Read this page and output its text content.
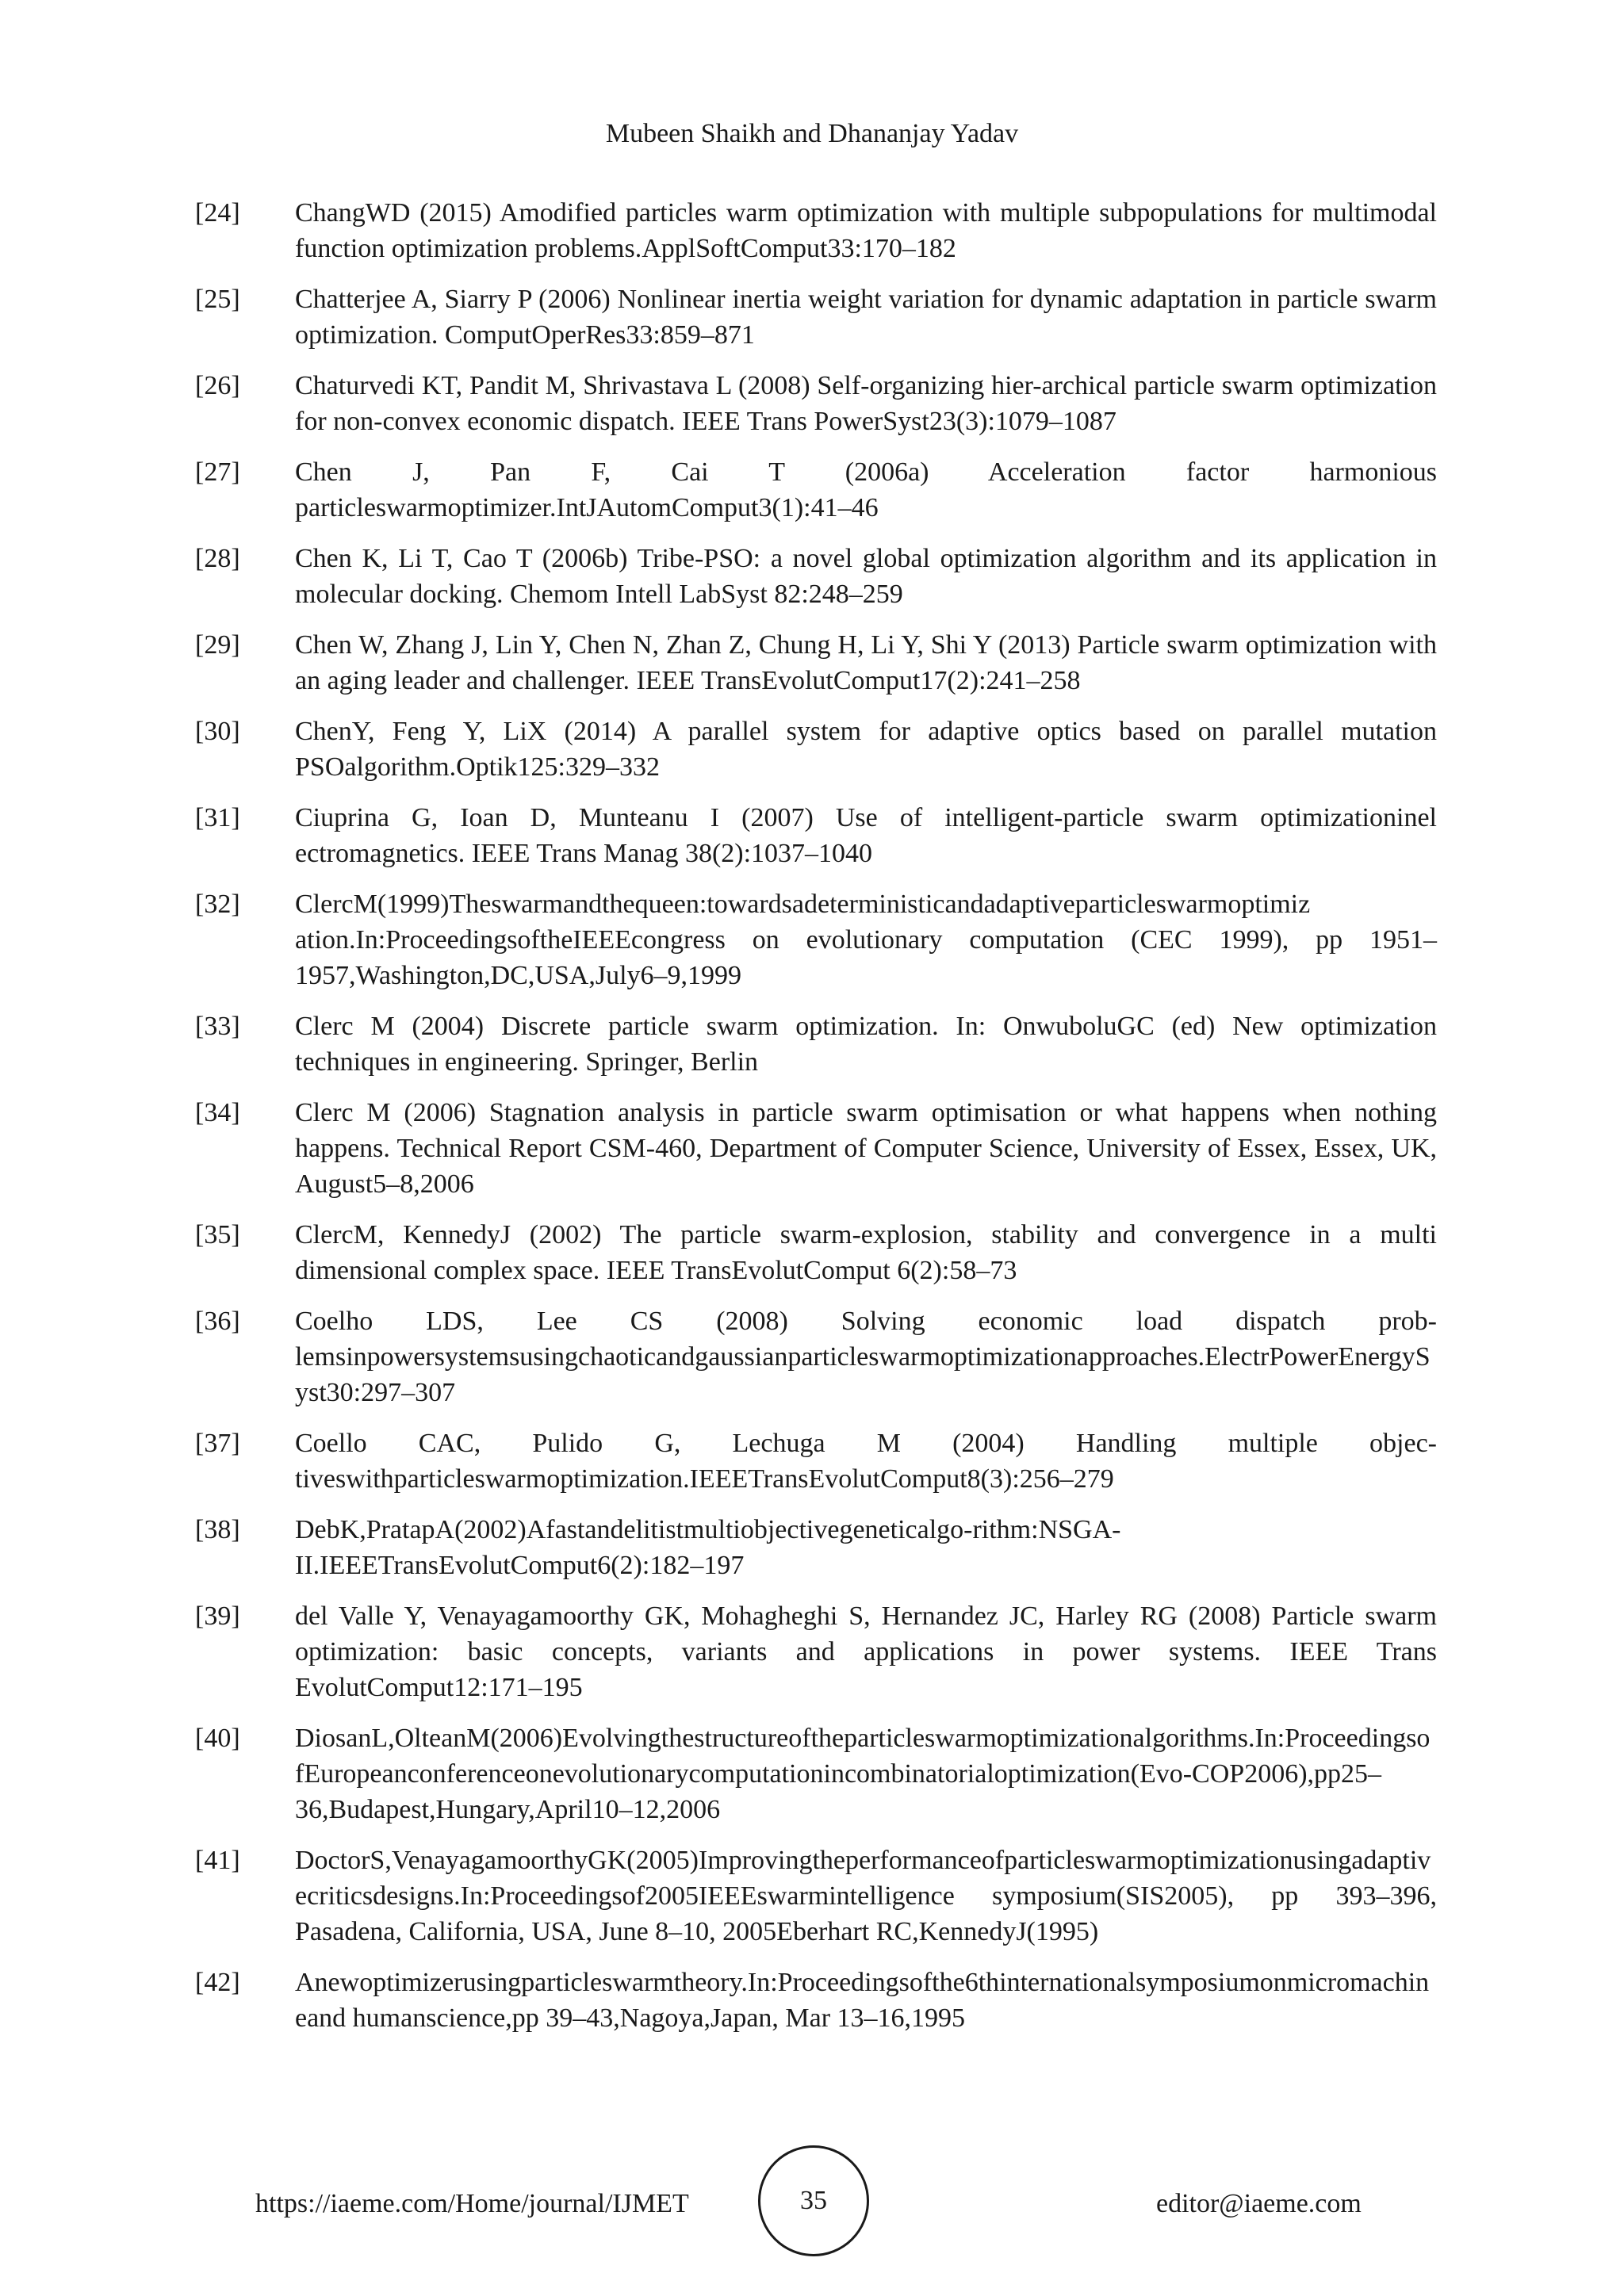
Mubeen Shaikh and Dhananjay Yadav
[24]	ChangWD (2015) Amodified particles warm optimization with multiple subpopulations for multimodal function optimization problems.ApplSoftComput33:170–182
[25]	Chatterjee A, Siarry P (2006) Nonlinear inertia weight variation for dynamic adaptation in particle swarm optimization. ComputOperRes33:859–871
[26]	Chaturvedi KT, Pandit M, Shrivastava L (2008) Self-organizing hier-archical particle swarm optimization for non-convex economic dispatch. IEEE Trans PowerSyst23(3):1079–1087
[27]	Chen J, Pan F, Cai T (2006a) Acceleration factor harmonious particleswarmoptimizer.IntJAutomComput3(1):41–46
[28]	Chen K, Li T, Cao T (2006b) Tribe-PSO: a novel global optimization algorithm and its application in molecular docking. Chemom Intell LabSyst 82:248–259
[29]	Chen W, Zhang J, Lin Y, Chen N, Zhan Z, Chung H, Li Y, Shi Y (2013) Particle swarm optimization with an aging leader and challenger. IEEE TransEvolutComput17(2):241–258
[30]	ChenY, Feng Y, LiX (2014) A parallel system for adaptive optics based on parallel mutation PSOalgorithm.Optik125:329–332
[31]	Ciuprina G, Ioan D, Munteanu I (2007) Use of intelligent-particle swarm optimizationinel ectromagnetics. IEEE Trans Manag 38(2):1037–1040
[32]	ClercM(1999)Theswarmandthequeen:towardsadeterministicandadaptiveparticleswarmoptimiz ation.In:ProceedingsoftheIEEEcongress on evolutionary computation (CEC 1999), pp 1951–1957,Washington,DC,USA,July6–9,1999
[33]	Clerc M (2004) Discrete particle swarm optimization. In: OnwuboluGC (ed) New optimization techniques in engineering. Springer, Berlin
[34]	Clerc M (2006) Stagnation analysis in particle swarm optimisation or what happens when nothing happens. Technical Report CSM-460, Department of Computer Science, University of Essex, Essex, UK, August5–8,2006
[35]	ClercM, KennedyJ (2002) The particle swarm-explosion, stability and convergence in a multi dimensional complex space. IEEE TransEvolutComput 6(2):58–73
[36]	Coelho LDS, Lee CS (2008) Solving economic load dispatch prob-lemsinpowersystemsusingchaoticandgaussianparticleswarmoptimizationapproaches.ElectrPowerEnergySyst30:297–307
[37]	Coello CAC, Pulido G, Lechuga M (2004) Handling multiple objec-tiveswithparticleswarmoptimization.IEEETransEvolutComput8(3):256–279
[38]	DebK,PratapA(2002)Afastandelitistmultiobjectivegeneticalgo-rithm:NSGA-II.IEEETransEvolutComput6(2):182–197
[39]	del Valle Y, Venayagamoorthy GK, Mohagheghi S, Hernandez JC, Harley RG (2008) Particle swarm optimization: basic concepts, variants and applications in power systems. IEEE Trans EvolutComput12:171–195
[40]	DiosanL,OlteanM(2006)Evolvingthestructureoftheparticleswarmoptimizationalgorithms.In:ProceedingsofEuropeanconferenceonevolutionarycomputationincombinatorialoptimization(Evo-COP2006),pp25–36,Budapest,Hungary,April10–12,2006
[41]	DoctorS,VenayagamoorthyGK(2005)Improvingtheperformanceofparticleswarmoptimizationusingadaptivecriticsdesigns.In:Proceedingsof2005IEEEswarmintelligence symposium(SIS2005), pp 393–396, Pasadena, California, USA, June 8–10, 2005Eberhart RC,KennedyJ(1995)
[42]	Anewoptimizerusingparticleswarmtheory.In:Proceedingsofthe6thinternationalsymposiumonmicromachineand humanscience,pp 39–43,Nagoya,Japan, Mar 13–16,1995
https://iaeme.com/Home/journal/IJMET	35	editor@iaeme.com
